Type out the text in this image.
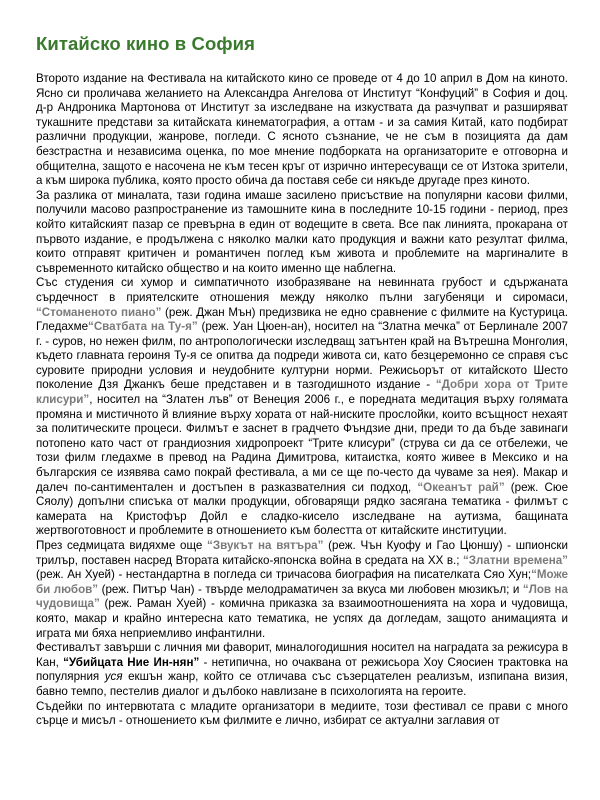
Китайско кино в София

Второто издание на Фестивала на китайското кино се проведе от 4 до 10 април в Дом на киното. Ясно си проличава желанието на Александра Ангелова от Институт “Конфуций” в София и доц. д-р Андроника Мартонова от Институт за изследване на изкуствата да разчупват и разширяват тукашните представи за китайската кинематография, а оттам - и за самия Китай, като подбират различни продукции, жанрове, погледи. С ясното съзнание, че не съм в позицията да дам безстрастна и независима оценка, по мое мнение подборката на организаторите е отговорна и общителна, защото е насочена не към тесен кръг от изрично интересуващи се от Изтока зрители, а към широка публика, която просто обича да поставя себе си някъде другаде през киното.

За разлика от миналата, тази година имаше засилено присъствие на популярни касови филми, получили масово разпространение из тамошните кина в последните 10-15 години - период, през който китайският пазар се превърна в един от водещите в света. Все пак линията, прокарана от първото издание, е продължена с няколко малки като продукция и важни като резултат филма, които отправят критичен и романтичен поглед към живота и проблемите на маргиналите в съвременното китайско общество и на които именно ще наблегна.

Със студения си хумор и симпатичното изобразяване на невинната грубост и сдържаната сърдечност в приятелските отношения между няколко пълни загубеняци и сиромаси, “Стоманеното пиано” (реж. Джан Мън) предизвика не едно сравнение с филмите на Кустурица. Гледахме“Сватбата на Ту-я” (реж. Уан Цюен-ан), носител на “Златна мечка” от Берлинале 2007 г. - суров, но нежен филм, по антропологически изследващ затънтен край на Вътрешна Монголия, където главната героиня Ту-я се опитва да подреди живота си, като безцеремонно се справя със суровите природни условия и неудобните културни норми. Режисьорът от китайското Шесто поколение Дзя Джанкъ беше представен и в тазгодишното издание - “Добри хора от Трите клисури”, носител на “Златен лъв” от Венеция 2006 г., е поредната медитация върху голямата промяна и мистичното й влияние върху хората от най-ниските прослойки, които всъщност нехаят за политическите процеси. Филмът е заснет в градчето Фъндзие дни, преди то да бъде завинаги потопено като част от грандиозния хидропроект “Трите клисури” (струва си да се отбележи, че този филм гледахме в превод на Радина Димитрова, китаистка, която живее в Мексико и на българския се изявява само покрай фестивала, а ми се ще по-често да чуваме за нея). Макар и далеч по-сантиментален и достъпен в разказвателния си подход, “Океанът рай” (реж. Сюе Сяолу) допълни списъка от малки продукции, обговарящи рядко засягана тематика - филмът с камерата на Кристофър Дойл е сладко-кисело изследване на аутизма, бащината жертвоготовност и проблемите в отношението към болестта от китайските институции.

През седмицата видяхме още “Звукът на вятъра” (реж. Чън Куофу и Гао Цюншу) - шпионски трилър, поставен насред Втората китайско-японска война в средата на ХХ в.; “Златни времена” (реж. Ан Хуей) - нестандартна в погледа си тричасова биография на писателката Сяо Хун;“Може би любов” (реж. Питър Чан) - твърде мелодраматичен за вкуса ми любовен мюзикъл; и “Лов на чудовища” (реж. Раман Хуей) - комична приказка за взаимоотношенията на хора и чудовища, която, макар и крайно интересна като тематика, не успях да догледам, защото анимацията и играта ми бяха неприемливо инфантилни.

Фестивалът завърши с личния ми фаворит, миналогодишния носител на наградата за режисура в Кан, “Убийцата Ние Ин-нян” - нетипична, но очаквана от режисьора Хоу Сяосиен трактовка на популярния уся екшън жанр, който се отличава със съзерцателен реализъм, изпипана визия, бавно темпо, пестелив диалог и дълбоко навлизане в психологията на героите.

Съдейки по интервютата с младите организатори в медиите, този фестивал се прави с много сърце и мисъл - отношението към филмите е лично, избират се актуални заглавия от
